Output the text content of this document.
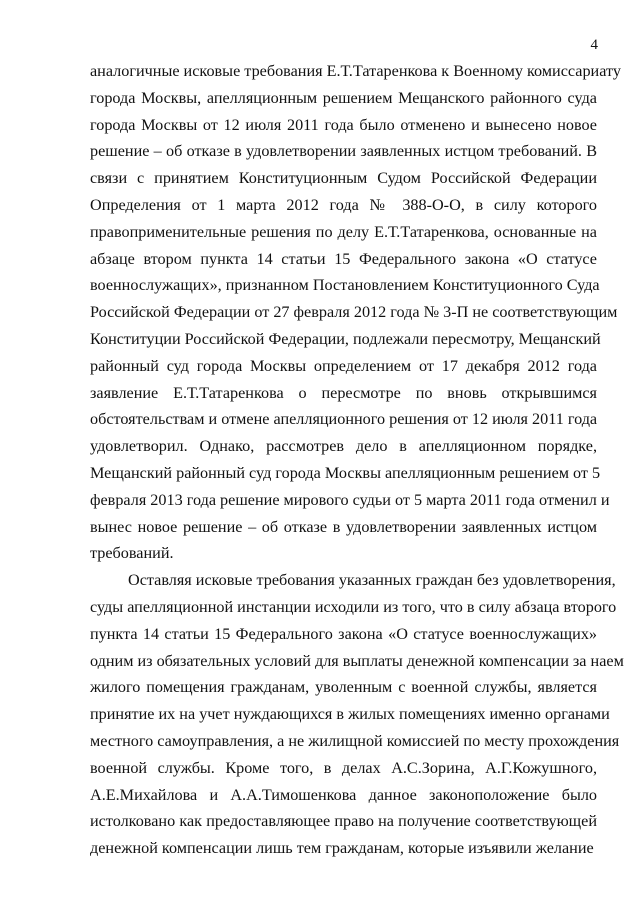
4
аналогичные исковые требования Е.Т.Татаренкова к Военному комиссариату
города Москвы, апелляционным решением Мещанского районного суда
города Москвы от 12 июля 2011 года было отменено и вынесено новое
решение – об отказе в удовлетворении заявленных истцом требований. В
связи с принятием Конституционным Судом Российской Федерации
Определения от 1 марта 2012 года № 388-О-О, в силу которого
правоприменительные решения по делу Е.Т.Татаренкова, основанные на
абзаце втором пункта 14 статьи 15 Федерального закона «О статусе
военнослужащих», признанном Постановлением Конституционного Суда
Российской Федерации от 27 февраля 2012 года № 3-П не соответствующим
Конституции Российской Федерации, подлежали пересмотру, Мещанский
районный суд города Москвы определением от 17 декабря 2012 года
заявление Е.Т.Татаренкова о пересмотре по вновь открывшимся
обстоятельствам и отмене апелляционного решения от 12 июля 2011 года
удовлетворил. Однако, рассмотрев дело в апелляционном порядке,
Мещанский районный суд города Москвы апелляционным решением от 5
февраля 2013 года решение мирового судьи от 5 марта 2011 года отменил и
вынес новое решение – об отказе в удовлетворении заявленных истцом
требований.
Оставляя исковые требования указанных граждан без удовлетворения,
суды апелляционной инстанции исходили из того, что в силу абзаца второго
пункта 14 статьи 15 Федерального закона «О статусе военнослужащих»
одним из обязательных условий для выплаты денежной компенсации за наем
жилого помещения гражданам, уволенным с военной службы, является
принятие их на учет нуждающихся в жилых помещениях именно органами
местного самоуправления, а не жилищной комиссией по месту прохождения
военной службы. Кроме того, в делах А.С.Зорина, А.Г.Кожушного,
А.Е.Михайлова и А.А.Тимошенкова данное законоположение было
истолковано как предоставляющее право на получение соответствующей
денежной компенсации лишь тем гражданам, которые изъявили желание
